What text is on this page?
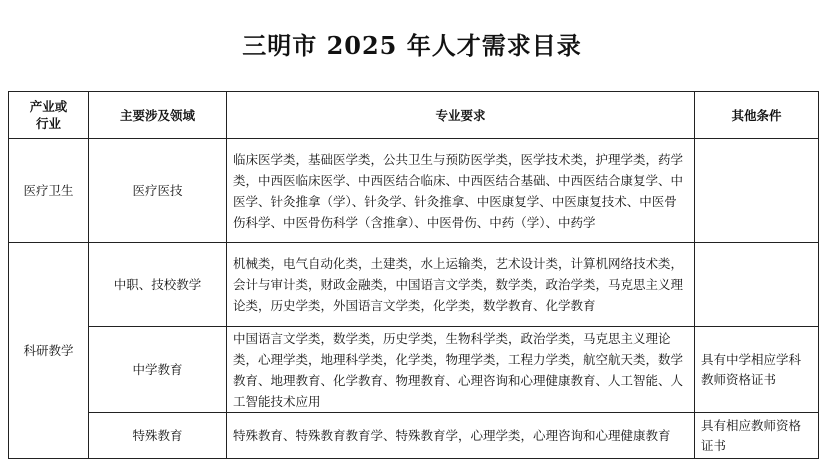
三明市 2025 年人才需求目录
产业或
行业	主要涉及领域	专业要求	其他条件
医疗卫生	医疗医技	临床医学类，基础医学类，公共卫生与预防医学类，医学技术类，护理学类，药学类，中西医临床医学、中西医结合临床、中西医结合基础、中西医结合康复学、中医学、针灸推拿（学）、针灸学、针灸推拿、中医康复学、中医康复技术、中医骨伤科学、中医骨伤科学（含推拿）、中医骨伤、中药（学）、中药学	
科研教学	中职、技校教学	机械类，电气自动化类，土建类，水上运输类，艺术设计类，计算机网络技术类，会计与审计类，财政金融类，中国语言文学类，数学类，政治学类，马克思主义理论类，历史学类，外国语言文学类，化学类，数学教育、化学教育	
	中学教育	中国语言文学类，数学类，历史学类，生物科学类，政治学类，马克思主义理论类，心理学类，地理科学类，化学类，物理学类，工程力学类，航空航天类，数学教育、地理教育、化学教育、物理教育、心理咨询和心理健康教育、人工智能、人工智能技术应用	具有中学相应学科教师资格证书
	特殊教育	特殊教育、特殊教育教育学、特殊教育学，心理学类，心理咨询和心理健康教育	具有相应教师资格证书
